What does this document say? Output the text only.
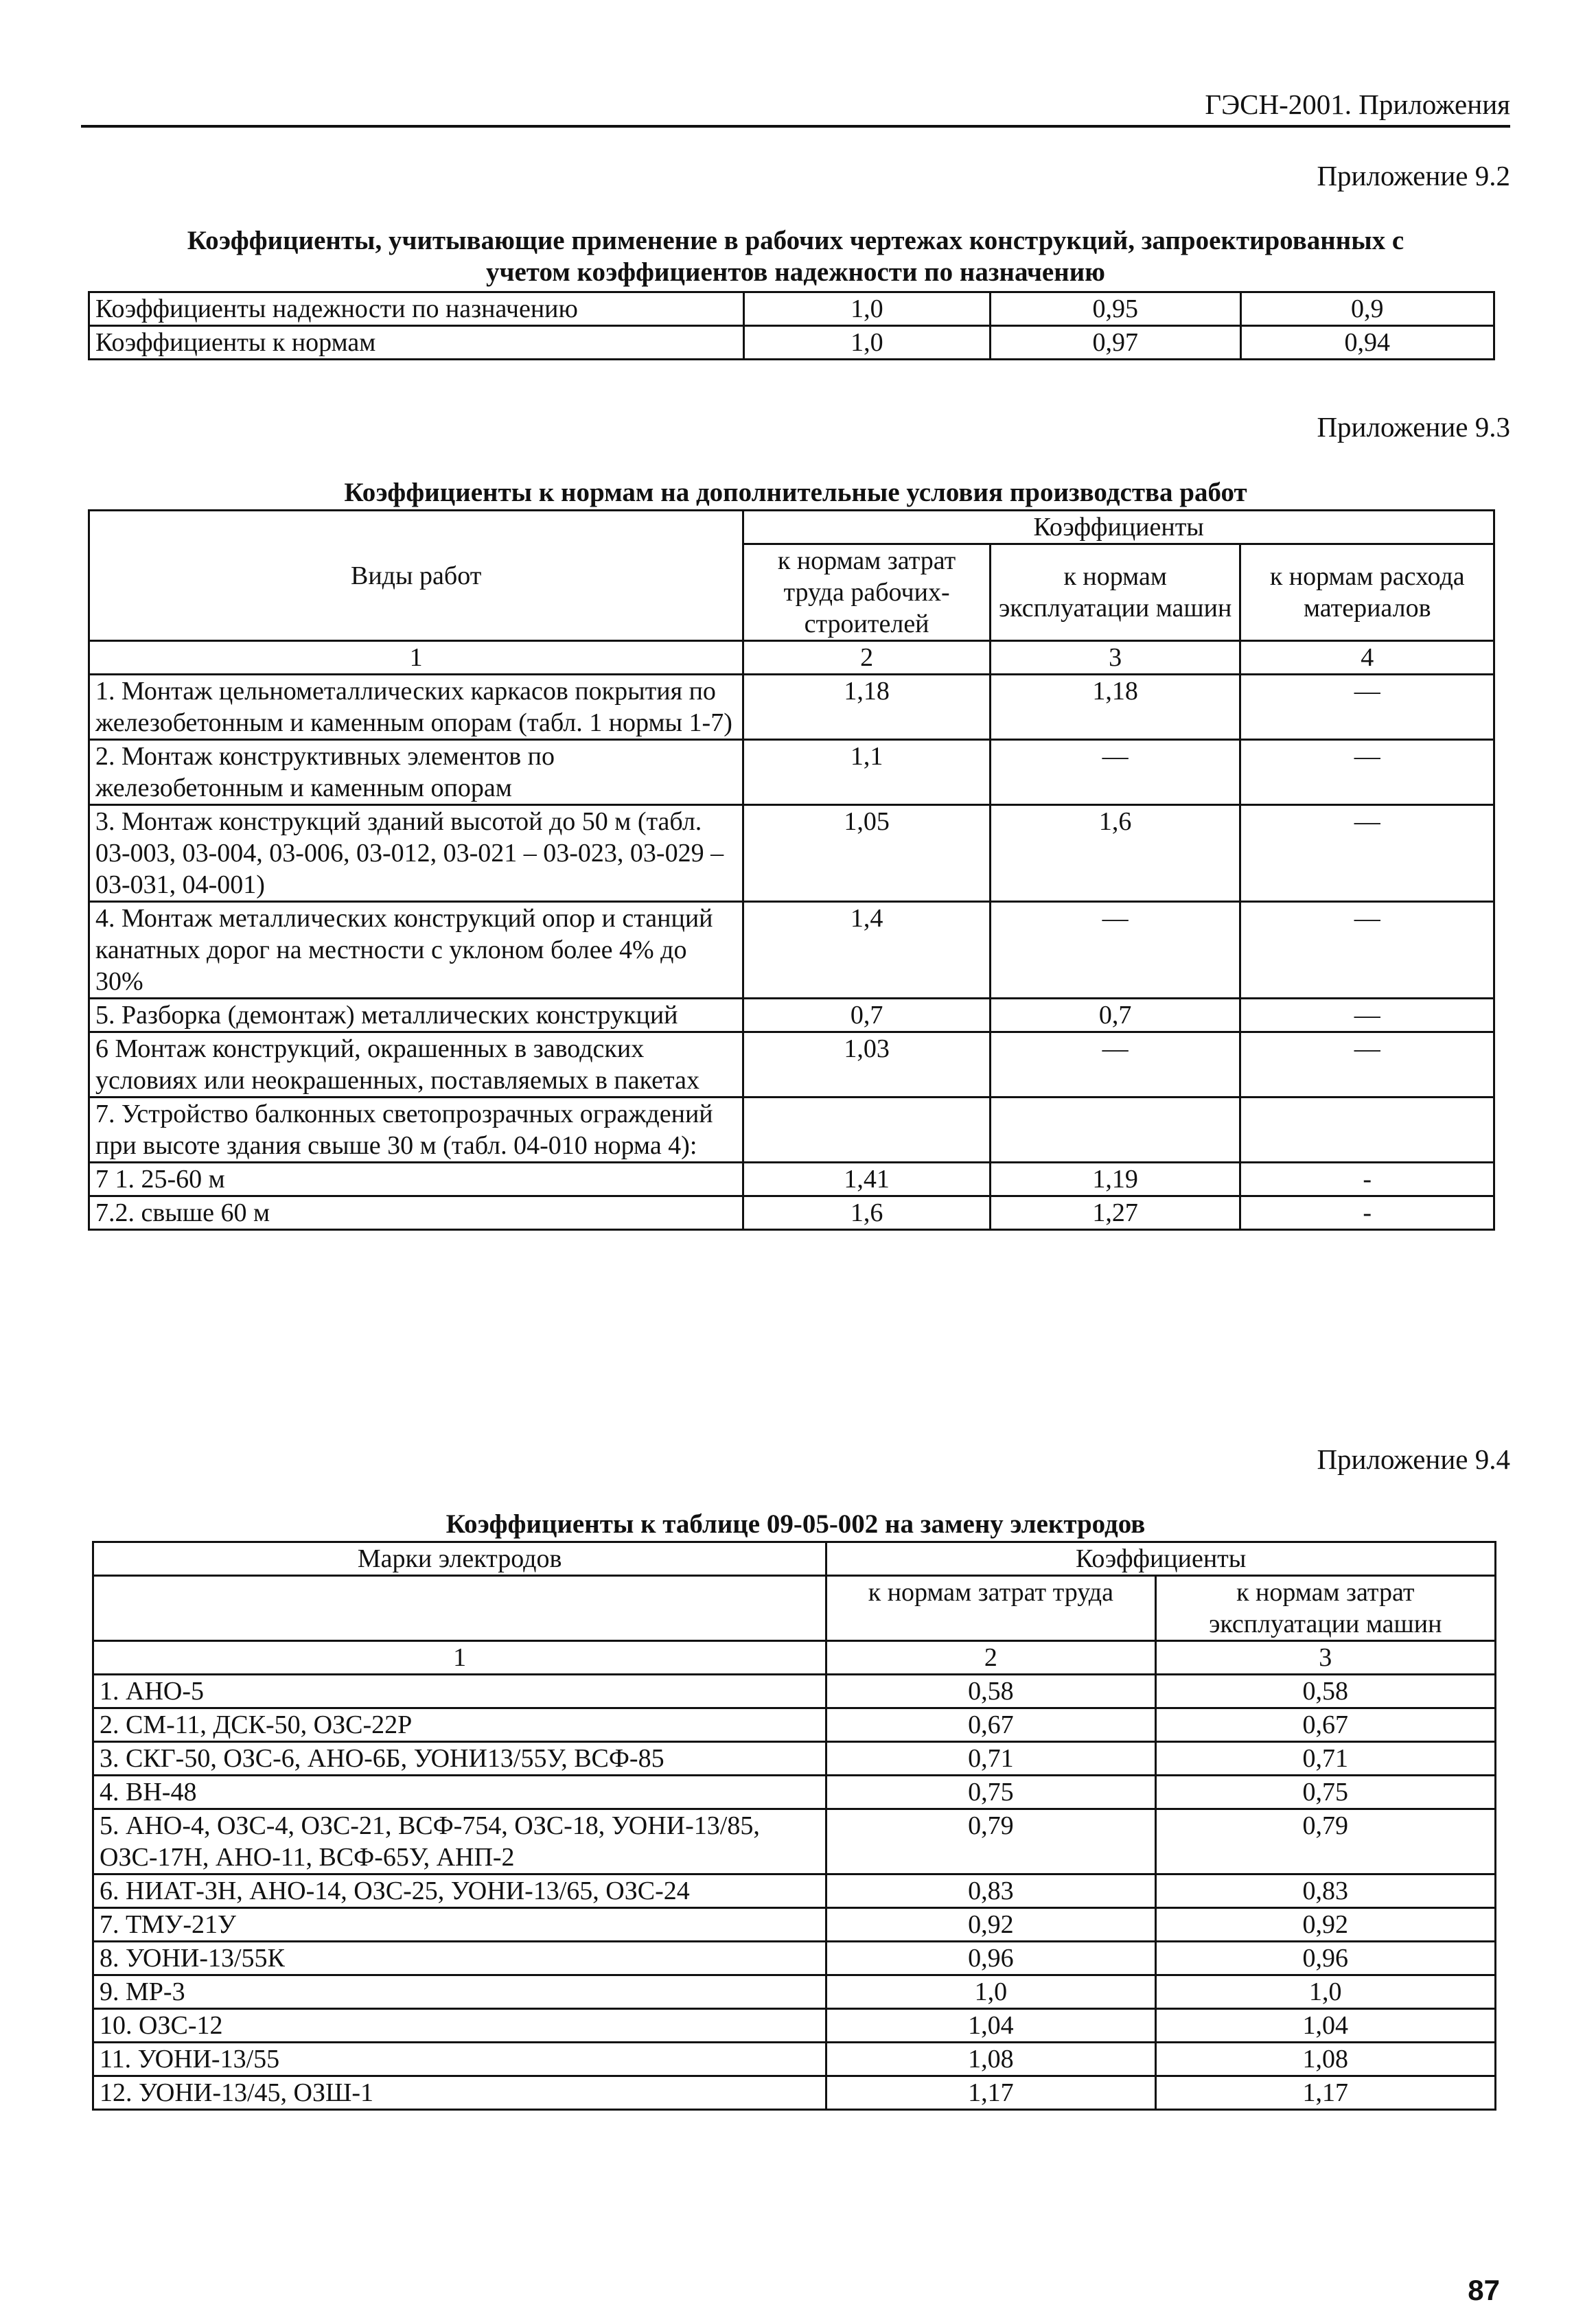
ГЭСН-2001. Приложения
Приложение 9.2
Коэффициенты, учитывающие применение в рабочих чертежах конструкций, запроектированных с
учетом коэффициентов надежности по назначению
Коэффициенты надежности по назначению	1,0	0,95	0,9
Коэффициенты к нормам	1,0	0,97	0,94
Приложение 9.3
Коэффициенты к нормам на дополнительные условия производства работ
Виды работ	Коэффициенты		
	к нормам затрат труда рабочих-строителей	к нормам эксплуатации машин	к нормам расхода материалов
1	2	3	4
1. Монтаж цельнометаллических каркасов покрытия по железобетонным и каменным опорам (табл. 1 нормы 1-7)	1,18	1,18	—
2. Монтаж конструктивных элементов по железобетонным и каменным опорам	1,1	—	—
3. Монтаж конструкций зданий высотой до 50 м (табл. 03-003, 03-004, 03-006, 03-012, 03-021 – 03-023, 03-029 – 03-031, 04-001)	1,05	1,6	—
4. Монтаж металлических конструкций опор и станций канатных дорог на местности с уклоном более 4% до 30%	1,4	—	—
5. Разборка (демонтаж) металлических конструкций	0,7	0,7	—
6 Монтаж конструкций, окрашенных в заводских условиях или неокрашенных, поставляемых в пакетах	1,03	—	—
7. Устройство балконных светопрозрачных ограждений при высоте здания свыше 30 м (табл. 04-010 норма 4):			
7 1. 25-60 м	1,41	1,19	-
7.2. свыше 60 м	1,6	1,27	-
Приложение 9.4
Коэффициенты к таблице 09-05-002 на замену электродов
Марки электродов	Коэффициенты	
	к нормам затрат труда	к нормам затрат эксплуатации машин
1	2	3
1. АНО-5	0,58	0,58
2. СМ-11, ДСК-50, ОЗС-22Р	0,67	0,67
3. СКГ-50, ОЗС-6, АНО-6Б, УОНИ13/55У, ВСФ-85	0,71	0,71
4. ВН-48	0,75	0,75
5. АНО-4, ОЗС-4, ОЗС-21, ВСФ-754, ОЗС-18, УОНИ-13/85, ОЗС-17Н, АНО-11, ВСФ-65У, АНП-2	0,79	0,79
6. НИАТ-3Н, АНО-14, ОЗС-25, УОНИ-13/65, ОЗС-24	0,83	0,83
7. ТМУ-21У	0,92	0,92
8. УОНИ-13/55К	0,96	0,96
9. МР-3	1,0	1,0
10. ОЗС-12	1,04	1,04
11. УОНИ-13/55	1,08	1,08
12. УОНИ-13/45, ОЗШ-1	1,17	1,17
87
